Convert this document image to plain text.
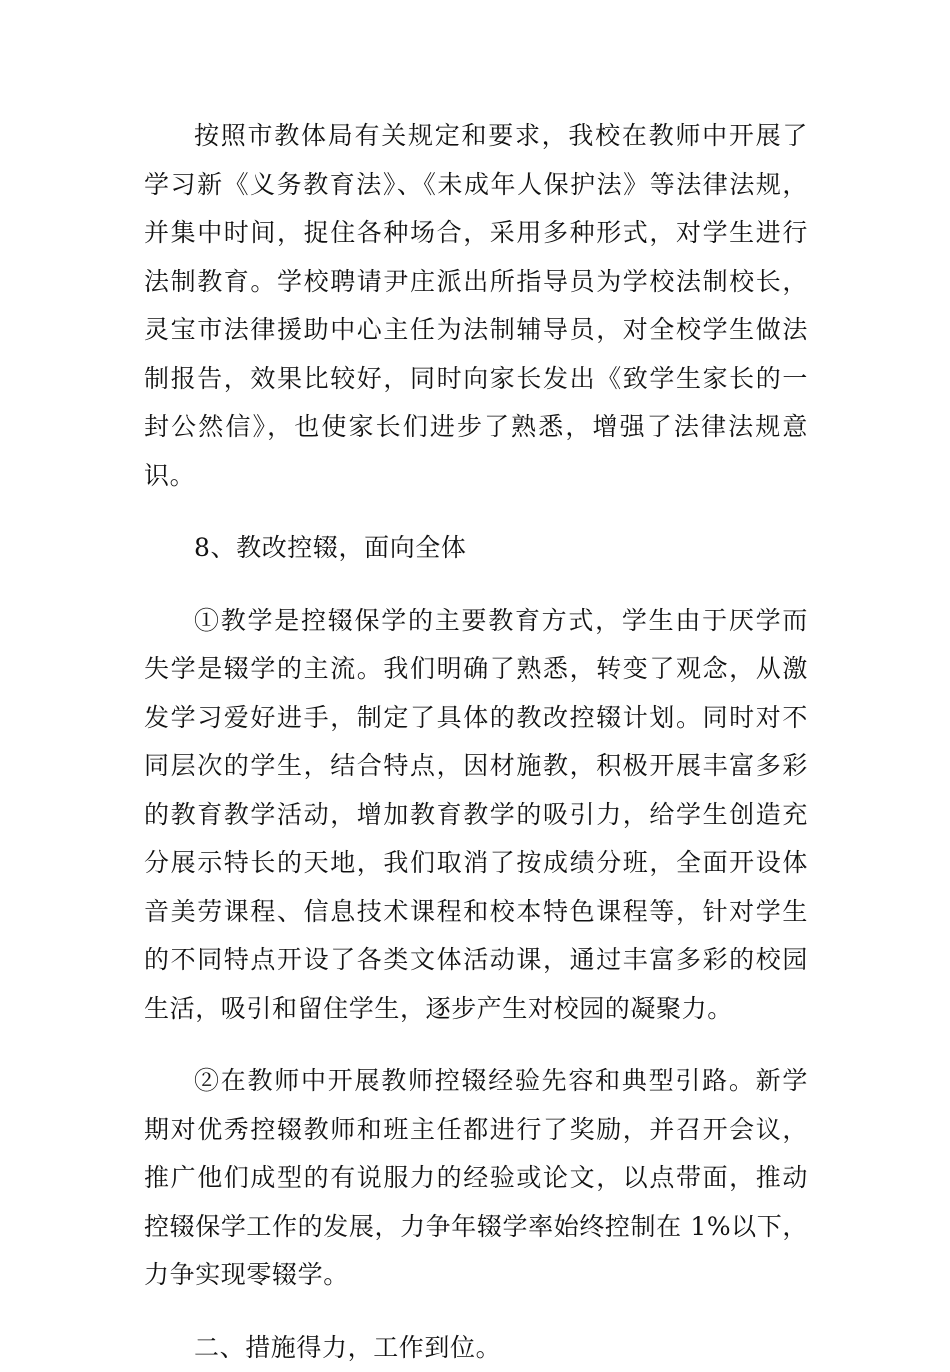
按照市教体局有关规定和要求，我校在教师中开展了学习新《义务教育法》、《未成年人保护法》等法律法规，并集中时间，捉住各种场合，采用多种形式，对学生进行法制教育。学校聘请尹庄派出所指导员为学校法制校长，灵宝市法律援助中心主任为法制辅导员，对全校学生做法制报告，效果比较好，同时向家长发出《致学生家长的一封公然信》，也使家长们进步了熟悉，增强了法律法规意识。

8、教改控辍，面向全体

①教学是控辍保学的主要教育方式，学生由于厌学而失学是辍学的主流。我们明确了熟悉，转变了观念，从激发学习爱好进手，制定了具体的教改控辍计划。同时对不同层次的学生，结合特点，因材施教，积极开展丰富多彩的教育教学活动，增加教育教学的吸引力，给学生创造充分展示特长的天地，我们取消了按成绩分班，全面开设体音美劳课程、信息技术课程和校本特色课程等，针对学生的不同特点开设了各类文体活动课，通过丰富多彩的校园生活，吸引和留住学生，逐步产生对校园的凝聚力。

②在教师中开展教师控辍经验先容和典型引路。新学期对优秀控辍教师和班主任都进行了奖励，并召开会议，推广他们成型的有说服力的经验或论文，以点带面，推动控辍保学工作的发展，力争年辍学率始终控制在 1%以下，力争实现零辍学。

二、措施得力，工作到位。
